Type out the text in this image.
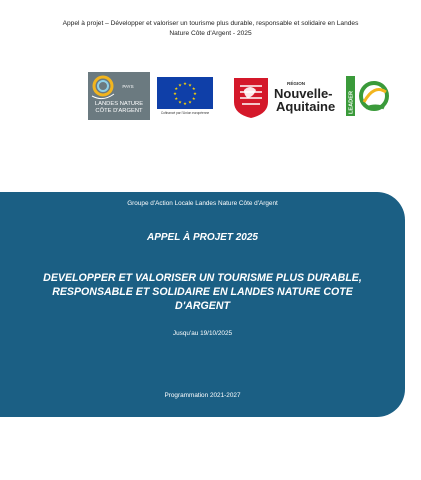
Appel à projet – Développer et valoriser un tourisme plus durable, responsable et solidaire en Landes
Nature Côte d'Argent - 2025
PAYS
LANDES NATURE
CÔTE D'ARGENT
★ ★
★
★
★
★
★
★
★
★
★
★
Cofinancé par l'Union européenne
RÉGION
Nouvelle-
Aquitaine LEADER
Groupe d'Action Locale Landes Nature Côte d'Argent
APPEL À PROJET 2025
DEVELOPPER ET VALORISER UN TOURISME PLUS DURABLE,
RESPONSABLE ET SOLIDAIRE EN LANDES NATURE COTE
D'ARGENT
Jusqu'au 19/10/2025
Programmation 2021-2027
